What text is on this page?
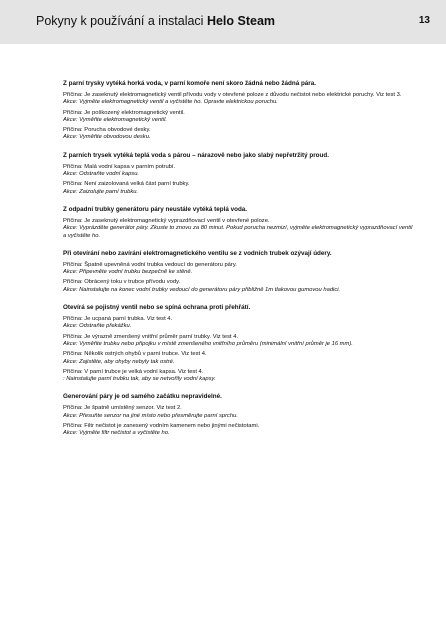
Pokyny k používání a instalaci Helo Steam	13
Z parní trysky vytéká horká voda, v parní komoře není skoro žádná nebo žádná pára.
Příčina: Je zaseknutý elektromagnetický ventil přívodu vody v otevřené poloze z důvodu nečistot nebo elektrické poruchy. Viz test 3.
Akce: Vyjměte elektromagnetický ventil a vyčistěte ho. Opravte elektrickou poruchu.
Příčina: Je poškozený elektromagnetický ventil.
Akce: Vyměňte elektromagnetický ventil.
Příčina: Porucha obvodové desky.
Akce: Vyměňte obvodovou desku.
Z parních trysek vytéká teplá voda s párou – nárazově nebo jako slabý nepřetržitý proud.
Příčina: Malá vodní kapsa v parním potrubí.
Akce: Odstraňte vodní kapsu.
Příčina: Není zaizolovaná velká část parní trubky.
Akce: Zaizolujte parní trubku.
Z odpadní trubky generátoru páry neustále vytéká teplá voda.
Příčina: Je zaseknutý elektromagnetický vyprazdňovací ventil v otevřené poloze.
Akce: Vyprázděte generátor páry. Zkuste to znovu za 80 minut. Pokud porucha nezmizí, vyjměte elektromagnetický vyprazdňovací ventil a vyčistěte ho.
Při otevírání nebo zavírání elektromagnetického ventilu se z vodních trubek ozývají údery.
Příčina: Špatně upevněná vodní trubka vedoucí do generátoru páry.
Akce: Připevněte vodní trubku bezpečně ke stěně.
Příčina: Obrácený toku v trubce přívodu vody.
Akce: Nainstalujte na konec vodní trubky vedoucí do generátoru páry přibližně 1m tlakovou gumovou hadici.
Otevírá se pojistný ventil nebo se spíná ochrana proti přehřátí.
Příčina: Je ucpaná parní trubka. Viz test 4.
Akce: Odstraňte překážku.
Příčina: Je výrazně zmenšený vnitřní průměr parní trubky. Viz test 4.
Akce: Vyměňte trubku nebo připojku v místě zmenšeného vnitřního průměru (minimální vnitřní průměr je 16 mm).
Příčina: Několik ostrých ohybů v parní trubce. Viz test 4.
Akce: Zajistěte, aby ohyby nebyly tak ostré.
Příčina: V parní trubce je velká vodní kapsa. Viz test 4.
: Nainstalujte parní trubku tak, aby se netvořily vodní kapsy.
Generování páry je od samého začátku nepravidelné.
Příčina: Je špatně umístěný senzor. Viz test 2.
Akce: Přesuňte senzor na jiné místo nebo přesměrujte parní sprchu.
Příčina: Filtr nečistot je zanesený vodním kamenem nebo jinými nečistotami.
Akce: Vyjměte filtr nečistot a vyčistěte ho.
